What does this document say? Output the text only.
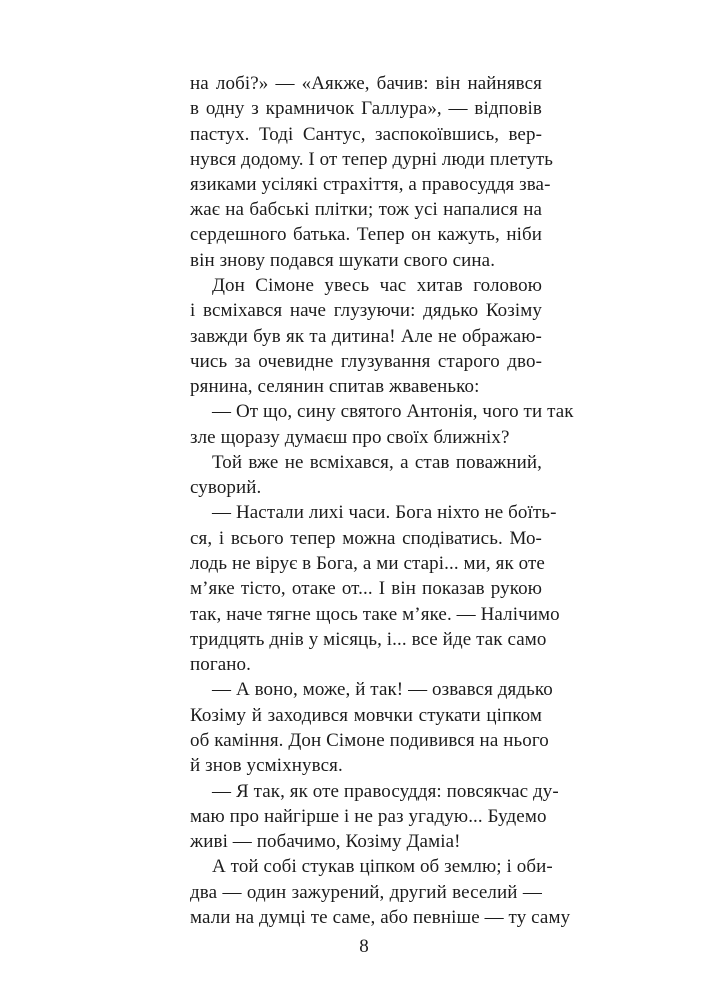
на лобі?» — «Аякже, бачив: він найнявся
в одну з крамничок Галлура», — відповів
пастух. Тоді Сантус, заспокоївшись, вер-
нувся додому. І от тепер дурні люди плетуть
язиками усілякі страхіття, а правосуддя зва-
жає на бабські плітки; тож усі напалися на
сердешного батька. Тепер он кажуть, ніби
він знову подався шукати свого сина.
Дон Сімоне увесь час хитав головою
і всміхався наче глузуючи: дядько Козіму
завжди був як та дитина! Але не ображаю-
чись за очевидне глузування старого дво-
рянина, селянин спитав жвавенько:
— От що, сину святого Антонія, чого ти так
зле щоразу думаєш про своїх ближніх?
Той вже не всміхався, а став поважний,
суворий.
— Настали лихі часи. Бога ніхто не боїть-
ся, і всього тепер можна сподіватись. Мо-
лодь не вірує в Бога, а ми старі... ми, як оте
м’яке тісто, отаке от... І він показав рукою
так, наче тягне щось таке м’яке. — Налічимо
тридцять днів у місяць, і... все йде так само
погано.
— А воно, може, й так! — озвався дядько
Козіму й заходився мовчки стукати ціпком
об каміння. Дон Сімоне подивився на нього
й знов усміхнувся.
— Я так, як оте правосуддя: повсякчас ду-
маю про найгірше і не раз угадую... Будемо
живі — побачимо, Козіму Даміа!
А той собі стукав ціпком об землю; і оби-
два — один зажурений, другий веселий —
мали на думці те саме, або певніше — ту саму
8
